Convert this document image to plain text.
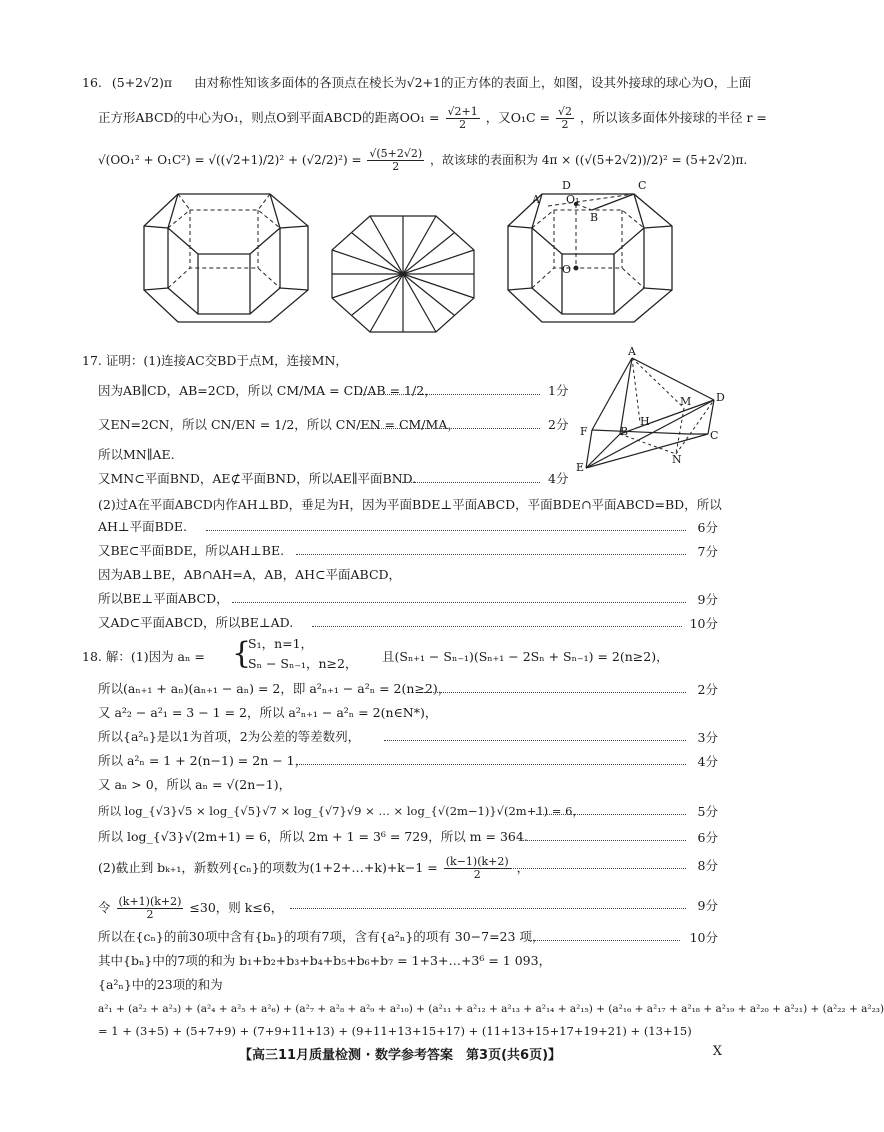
16. (5+2√2)π 由对称性知该多面体的各顶点在棱长为√2+1的正方体的表面上，如图，设其外接球的球心为O，上面
正方形ABCD的中心为O₁，则点O到平面ABCD的距离$OO_1 = \frac{√2+1}{2}$ ，又$O_1C = \frac{√2}{2}$ ，所以该多面体外接球的半径 r =
$√(OO_1^2 + O_1C^2) = √((√2+1)/2)^2 + (√2/2)^2) = \frac{√(5+2√2)}{2}$ ，故该球的表面积为 4π × ((√(5+2√2))/2)² = (5+2√2)π.
A
B
C
D
O₁
O
17. 证明：(1)连接AC交BD于点M，连接MN，
因为AB∥CD，AB=2CD，所以 CM/MA = CD/AB = 1/2，	1分
又EN=2CN，所以 CN/EN = 1/2，所以 CN/EN = CM/MA，	2分
所以MN∥AE.
又MN⊂平面BND，AE⊄平面BND，所以AE∥平面BND.	4分
A
D
C
B
M
H
F
N
E
(2)过A在平面ABCD内作AH⊥BD，垂足为H，因为平面BDE⊥平面ABCD，平面BDE∩平面ABCD=BD，所以
AH⊥平面BDE.	6分
又BE⊂平面BDE，所以AH⊥BE.	7分
因为AB⊥BE，AB∩AH=A，AB，AH⊂平面ABCD，
所以BE⊥平面ABCD，	9分
又AD⊂平面ABCD，所以BE⊥AD.	10分
18. 解：(1)因为 aₙ = {
S₁，n=1，
Sₙ − Sₙ₋₁，n≥2， 且(Sₙ₊₁ − Sₙ₋₁)(Sₙ₊₁ − 2Sₙ + Sₙ₋₁) = 2(n≥2)，
所以(aₙ₊₁ + aₙ)(aₙ₊₁ − aₙ) = 2，即 a²ₙ₊₁ − a²ₙ = 2(n≥2)，	2分
又 a²₂ − a²₁ = 3 − 1 = 2，所以 a²ₙ₊₁ − a²ₙ = 2(n∈N*)，
所以{a²ₙ}是以1为首项，2为公差的等差数列，	3分
所以 a²ₙ = 1 + 2(n−1) = 2n − 1，	4分
又 aₙ > 0，所以 aₙ = √(2n−1)，
所以 log_{√3}√5 × log_{√5}√7 × log_{√7}√9 × … × log_{√(2m−1)}√(2m+1) = 6，	5分
所以 log_{√3}√(2m+1) = 6，所以 2m + 1 = 3⁶ = 729，所以 m = 364.	6分
(2)截止到 bₖ₊₁，新数列{cₙ}的项数为(1+2+…+k)+k−1 = $\frac{(k-1)(k+2)}{2}$ ，	8分
令 $\frac{(k+1)(k+2)}{2} \le 30$，则 k≤6，	9分
所以在{cₙ}的前30项中含有{bₙ}的项有7项，含有{a²ₙ}的项有 30−7=23 项，	10分
其中{bₙ}中的7项的和为 b₁+b₂+b₃+b₄+b₅+b₆+b₇ = 1+3+…+3⁶ = 1 093，
{a²ₙ}中的23项的和为
a²₁ + (a²₂ + a²₃) + (a²₄ + a²₅ + a²₆) + (a²₇ + a²₈ + a²₉ + a²₁₀) + (a²₁₁ + a²₁₂ + a²₁₃ + a²₁₄ + a²₁₅) + (a²₁₆ + a²₁₇ + a²₁₈ + a²₁₉ + a²₂₀ + a²₂₁) + (a²₂₂ + a²₂₃)
= 1 + (3+5) + (5+7+9) + (7+9+11+13) + (9+11+13+15+17) + (11+13+15+17+19+21) + (13+15)
【高三11月质量检测 · 数学参考答案　第3页(共6页)】	X
